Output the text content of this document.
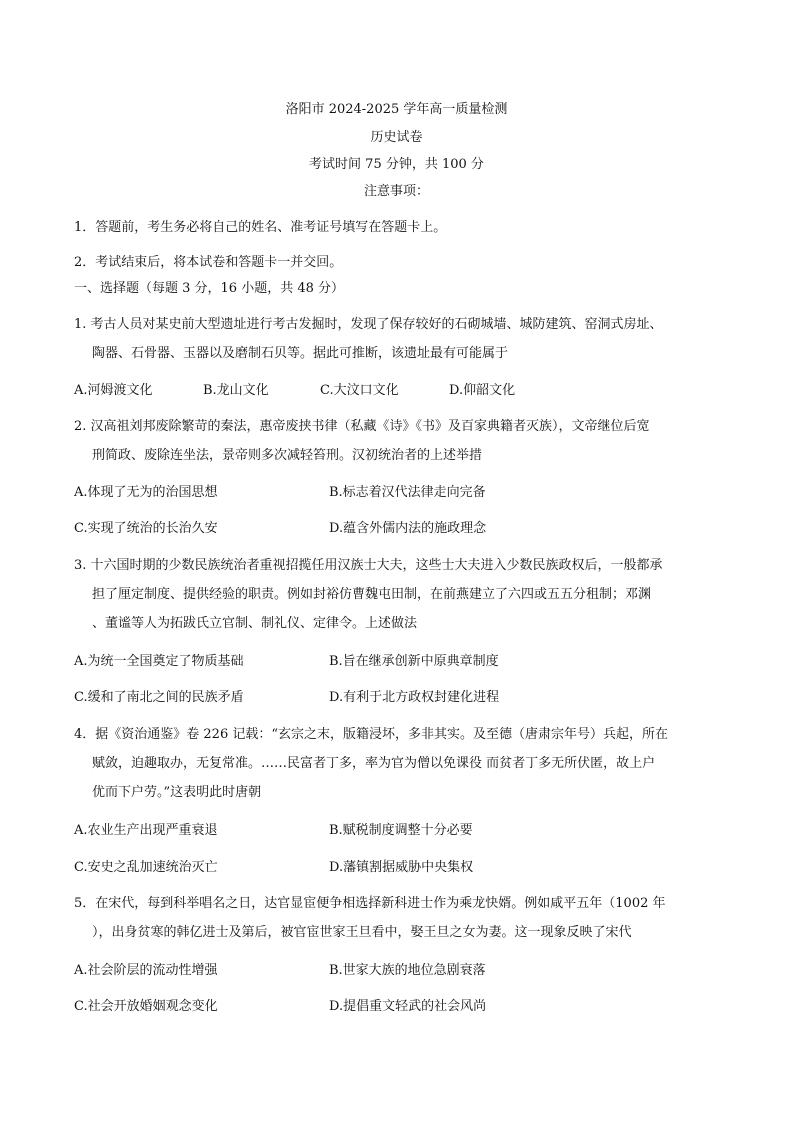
洛阳市 2024-2025 学年高一质量检测
历史试卷
考试时间 75 分钟，共 100 分
注意事项：
1．答题前，考生务必将自己的姓名、准考证号填写在答题卡上。
2．考试结束后，将本试卷和答题卡一并交回。
一、选择题（每题 3 分，16 小题，共 48 分）
1. 考古人员对某史前大型遗址进行考古发掘时，发现了保存较好的石砌城墙、城防建筑、窑洞式房址、
陶器、石骨器、玉器以及磨制石贝等。据此可推断，该遗址最有可能属于
A.河姆渡文化	B.龙山文化	C.大汶口文化	D.仰韶文化
2. 汉高祖刘邦废除繁苛的秦法，惠帝废挟书律（私藏《诗》《书》及百家典籍者灭族），文帝继位后宽
刑简政、废除连坐法，景帝则多次减轻笞刑。汉初统治者的上述举措
A.体现了无为的治国思想	B.标志着汉代法律走向完备
C.实现了统治的长治久安	D.蕴含外儒内法的施政理念
3. 十六国时期的少数民族统治者重视招揽任用汉族士大夫，这些士大夫进入少数民族政权后，一般都承
担了厘定制度、提供经验的职责。例如封裕仿曹魏屯田制，在前燕建立了六四或五五分租制；邓渊
、董谧等人为拓跋氏立官制、制礼仪、定律令。上述做法
A.为统一全国奠定了物质基础	B.旨在继承创新中原典章制度
C.缓和了南北之间的民族矛盾	D.有利于北方政权封建化进程
4．据《资治通鉴》卷 226 记载：“玄宗之末，版籍浸坏，多非其实。及至德（唐肃宗年号）兵起，所在
赋敛，迫趣取办，无复常准。……民富者丁多，率为官为僧以免课役 而贫者丁多无所伏匿，故上户
优而下户劳。”这表明此时唐朝
A.农业生产出现严重衰退	B.赋税制度调整十分必要
C.安史之乱加速统治灭亡	D.藩镇割据威胁中央集权
5．在宋代，每到科举唱名之日，达官显宦便争相选择新科进士作为乘龙快婿。例如咸平五年（1002 年
），出身贫寒的韩亿进士及第后，被官宦世家王旦看中，娶王旦之女为妻。这一现象反映了宋代
A.社会阶层的流动性增强	B.世家大族的地位急剧衰落
C.社会开放婚姻观念变化	D.提倡重文轻武的社会风尚
